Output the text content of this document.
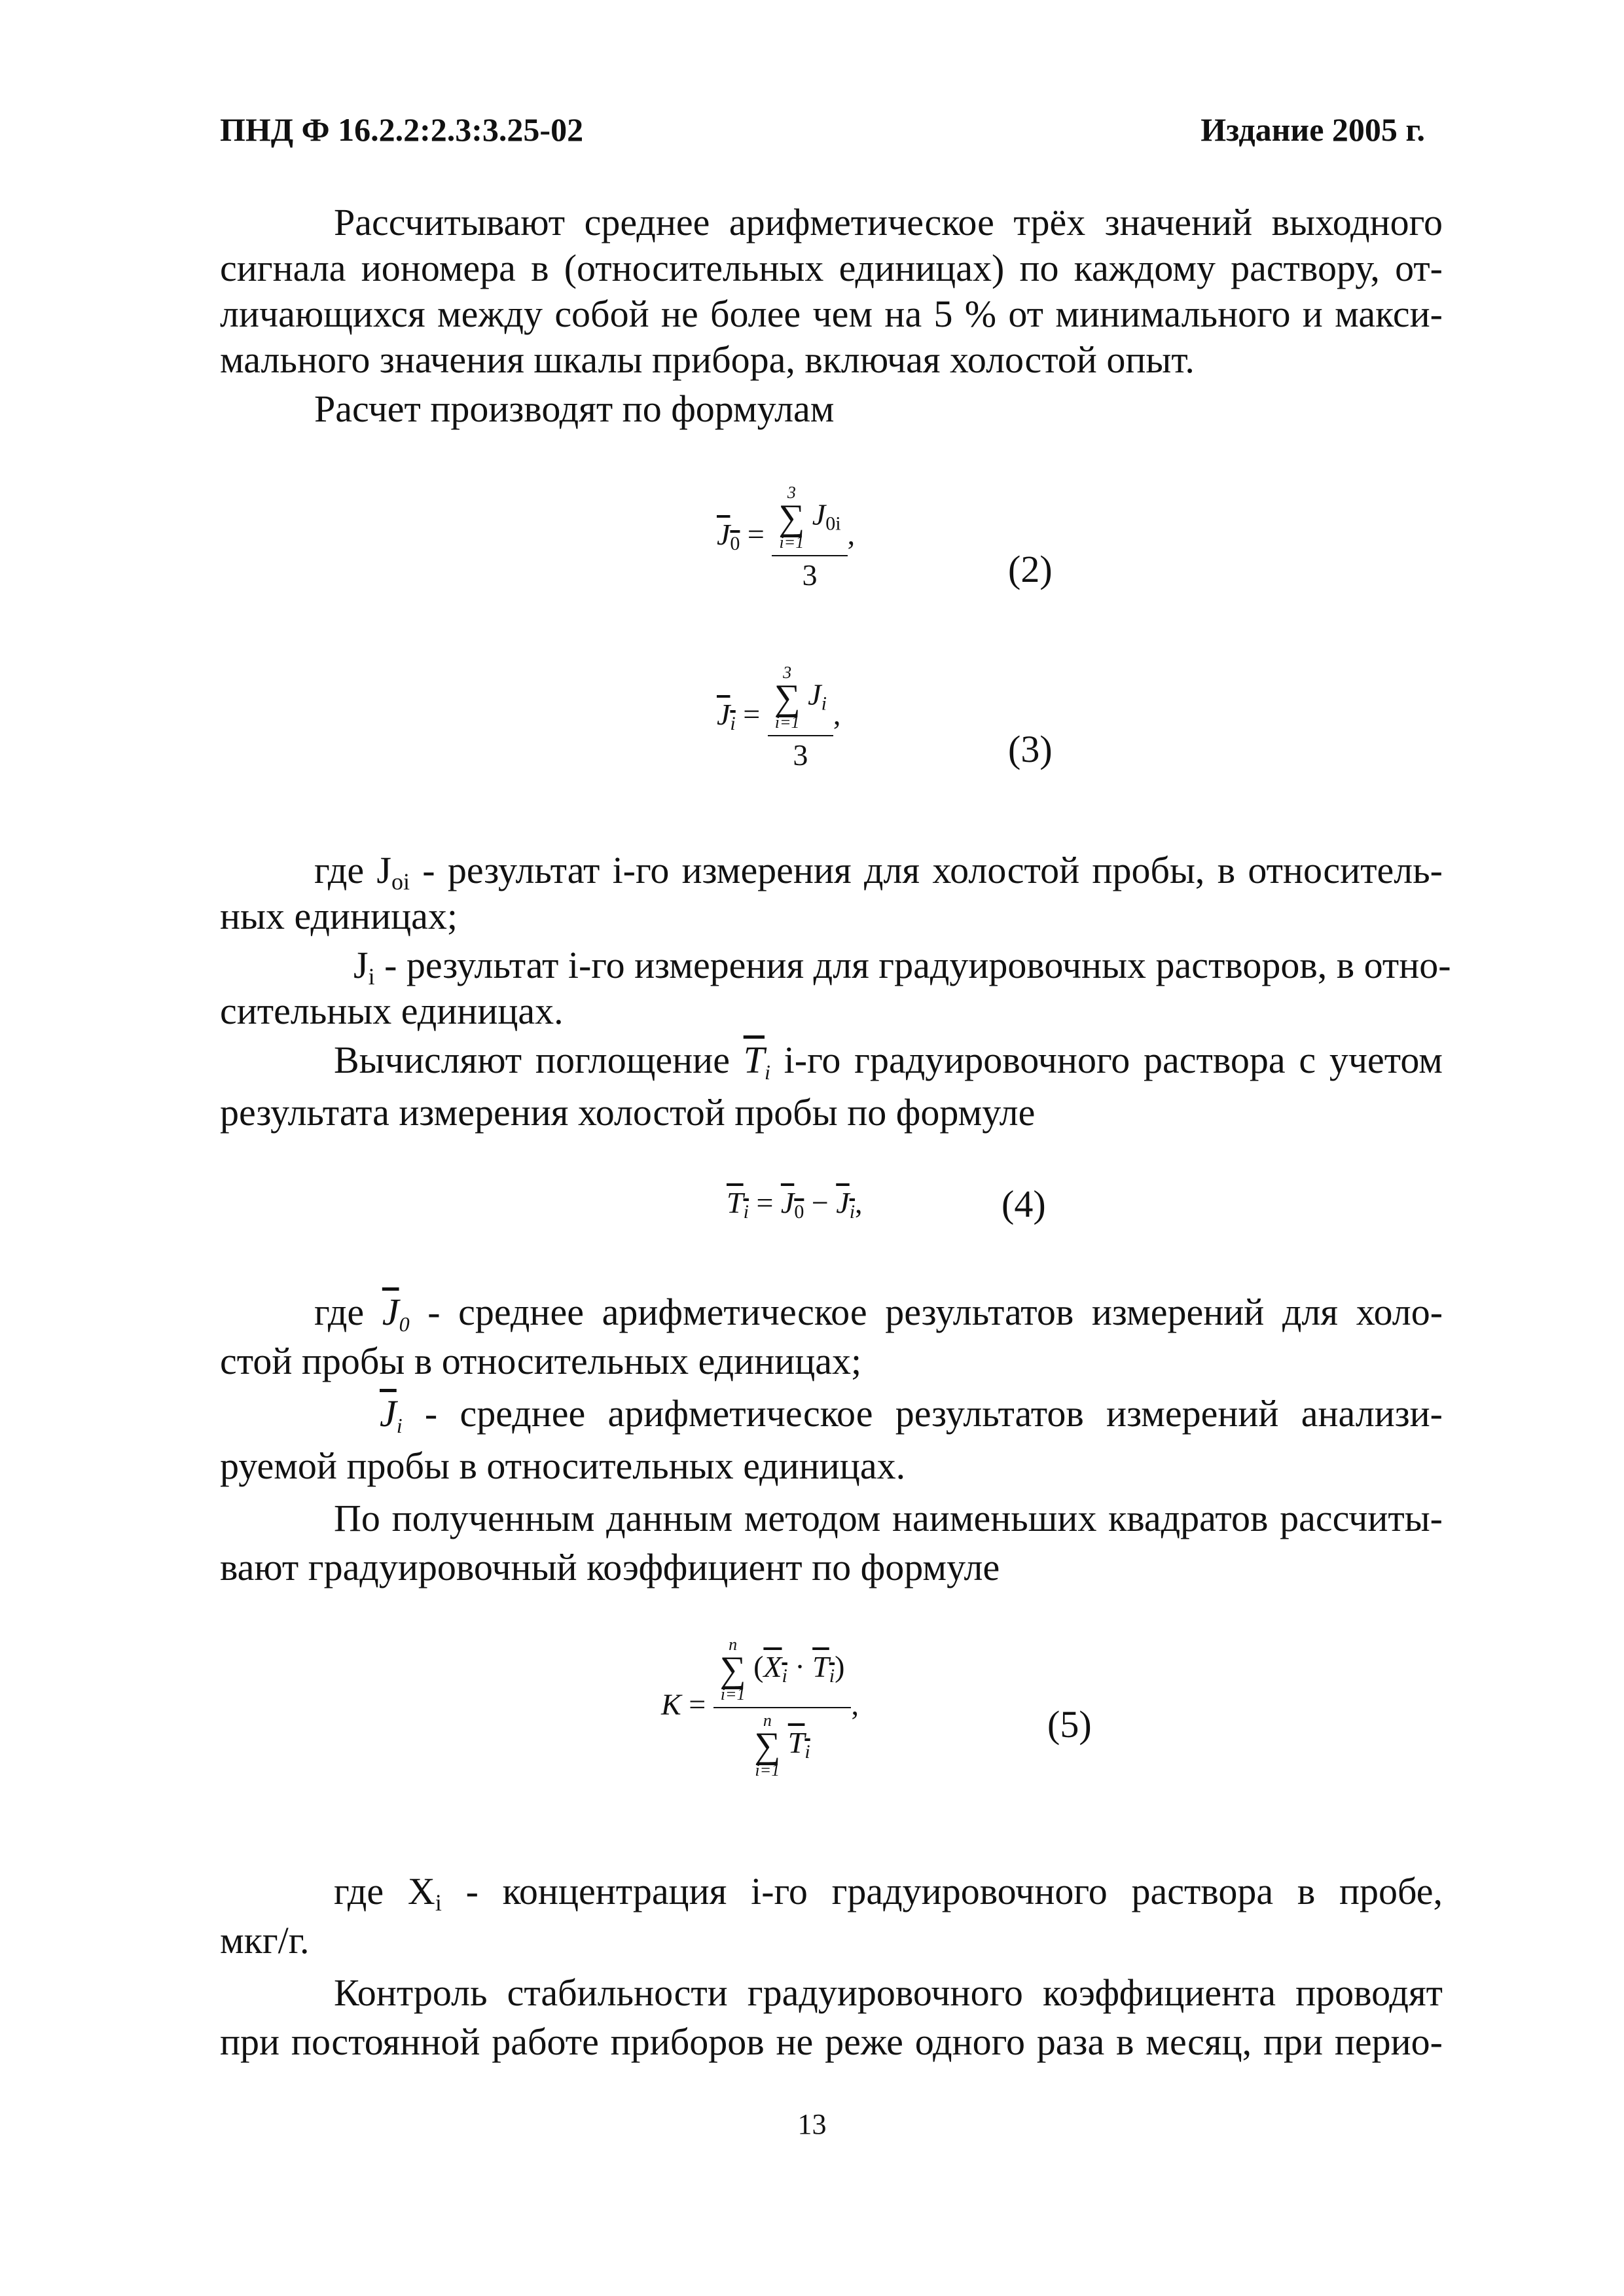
ПНД Ф 16.2.2:2.3:3.25-02	Издание 2005 г.
Рассчитывают среднее арифметическое трёх значений выходного
сигнала иономера в (относительных единицах) по каждому раствору, от-
личающихся между собой не более чем на 5 % от минимального и макси-
мального значения шкалы прибора, включая холостой опыт.
Расчет производят по формулам
$J_0 = 3$
∑
i=1
$J_{0i}$
3 ,
(2)
Ji = 3
∑
i=1
Ji
3 ,
(3)
где Joi - результат i-го измерения для холостой пробы, в относитель-
ных единицах;
Ji - результат i-го измерения для градуировочных растворов, в отно-
сительных единицах.
Вычисляют поглощение $\overline{T}i$ i-го градуировочного раствора с учетом
результата измерения холостой пробы по формуле
$Ti = J_0 - Ji$,	(4)
где $\overline{J}0$ - среднее арифметическое результатов измерений для холо-
стой пробы в относительных единицах;
$\overline{J}i$ - среднее арифметическое результатов измерений анализи-
руемой пробы в относительных единицах.
По полученным данным методом наименьших квадратов рассчиты-
вают градуировочный коэффициент по формуле
K = n
∑
i=1
(Xi · Ti)
n
∑
i=1
Ti ,	(5)
где Xi - концентрация i-го градуировочного раствора в пробе,
мкг/г.
Контроль стабильности градуировочного коэффициента проводят
при постоянной работе приборов не реже одного раза в месяц, при перио-
13
